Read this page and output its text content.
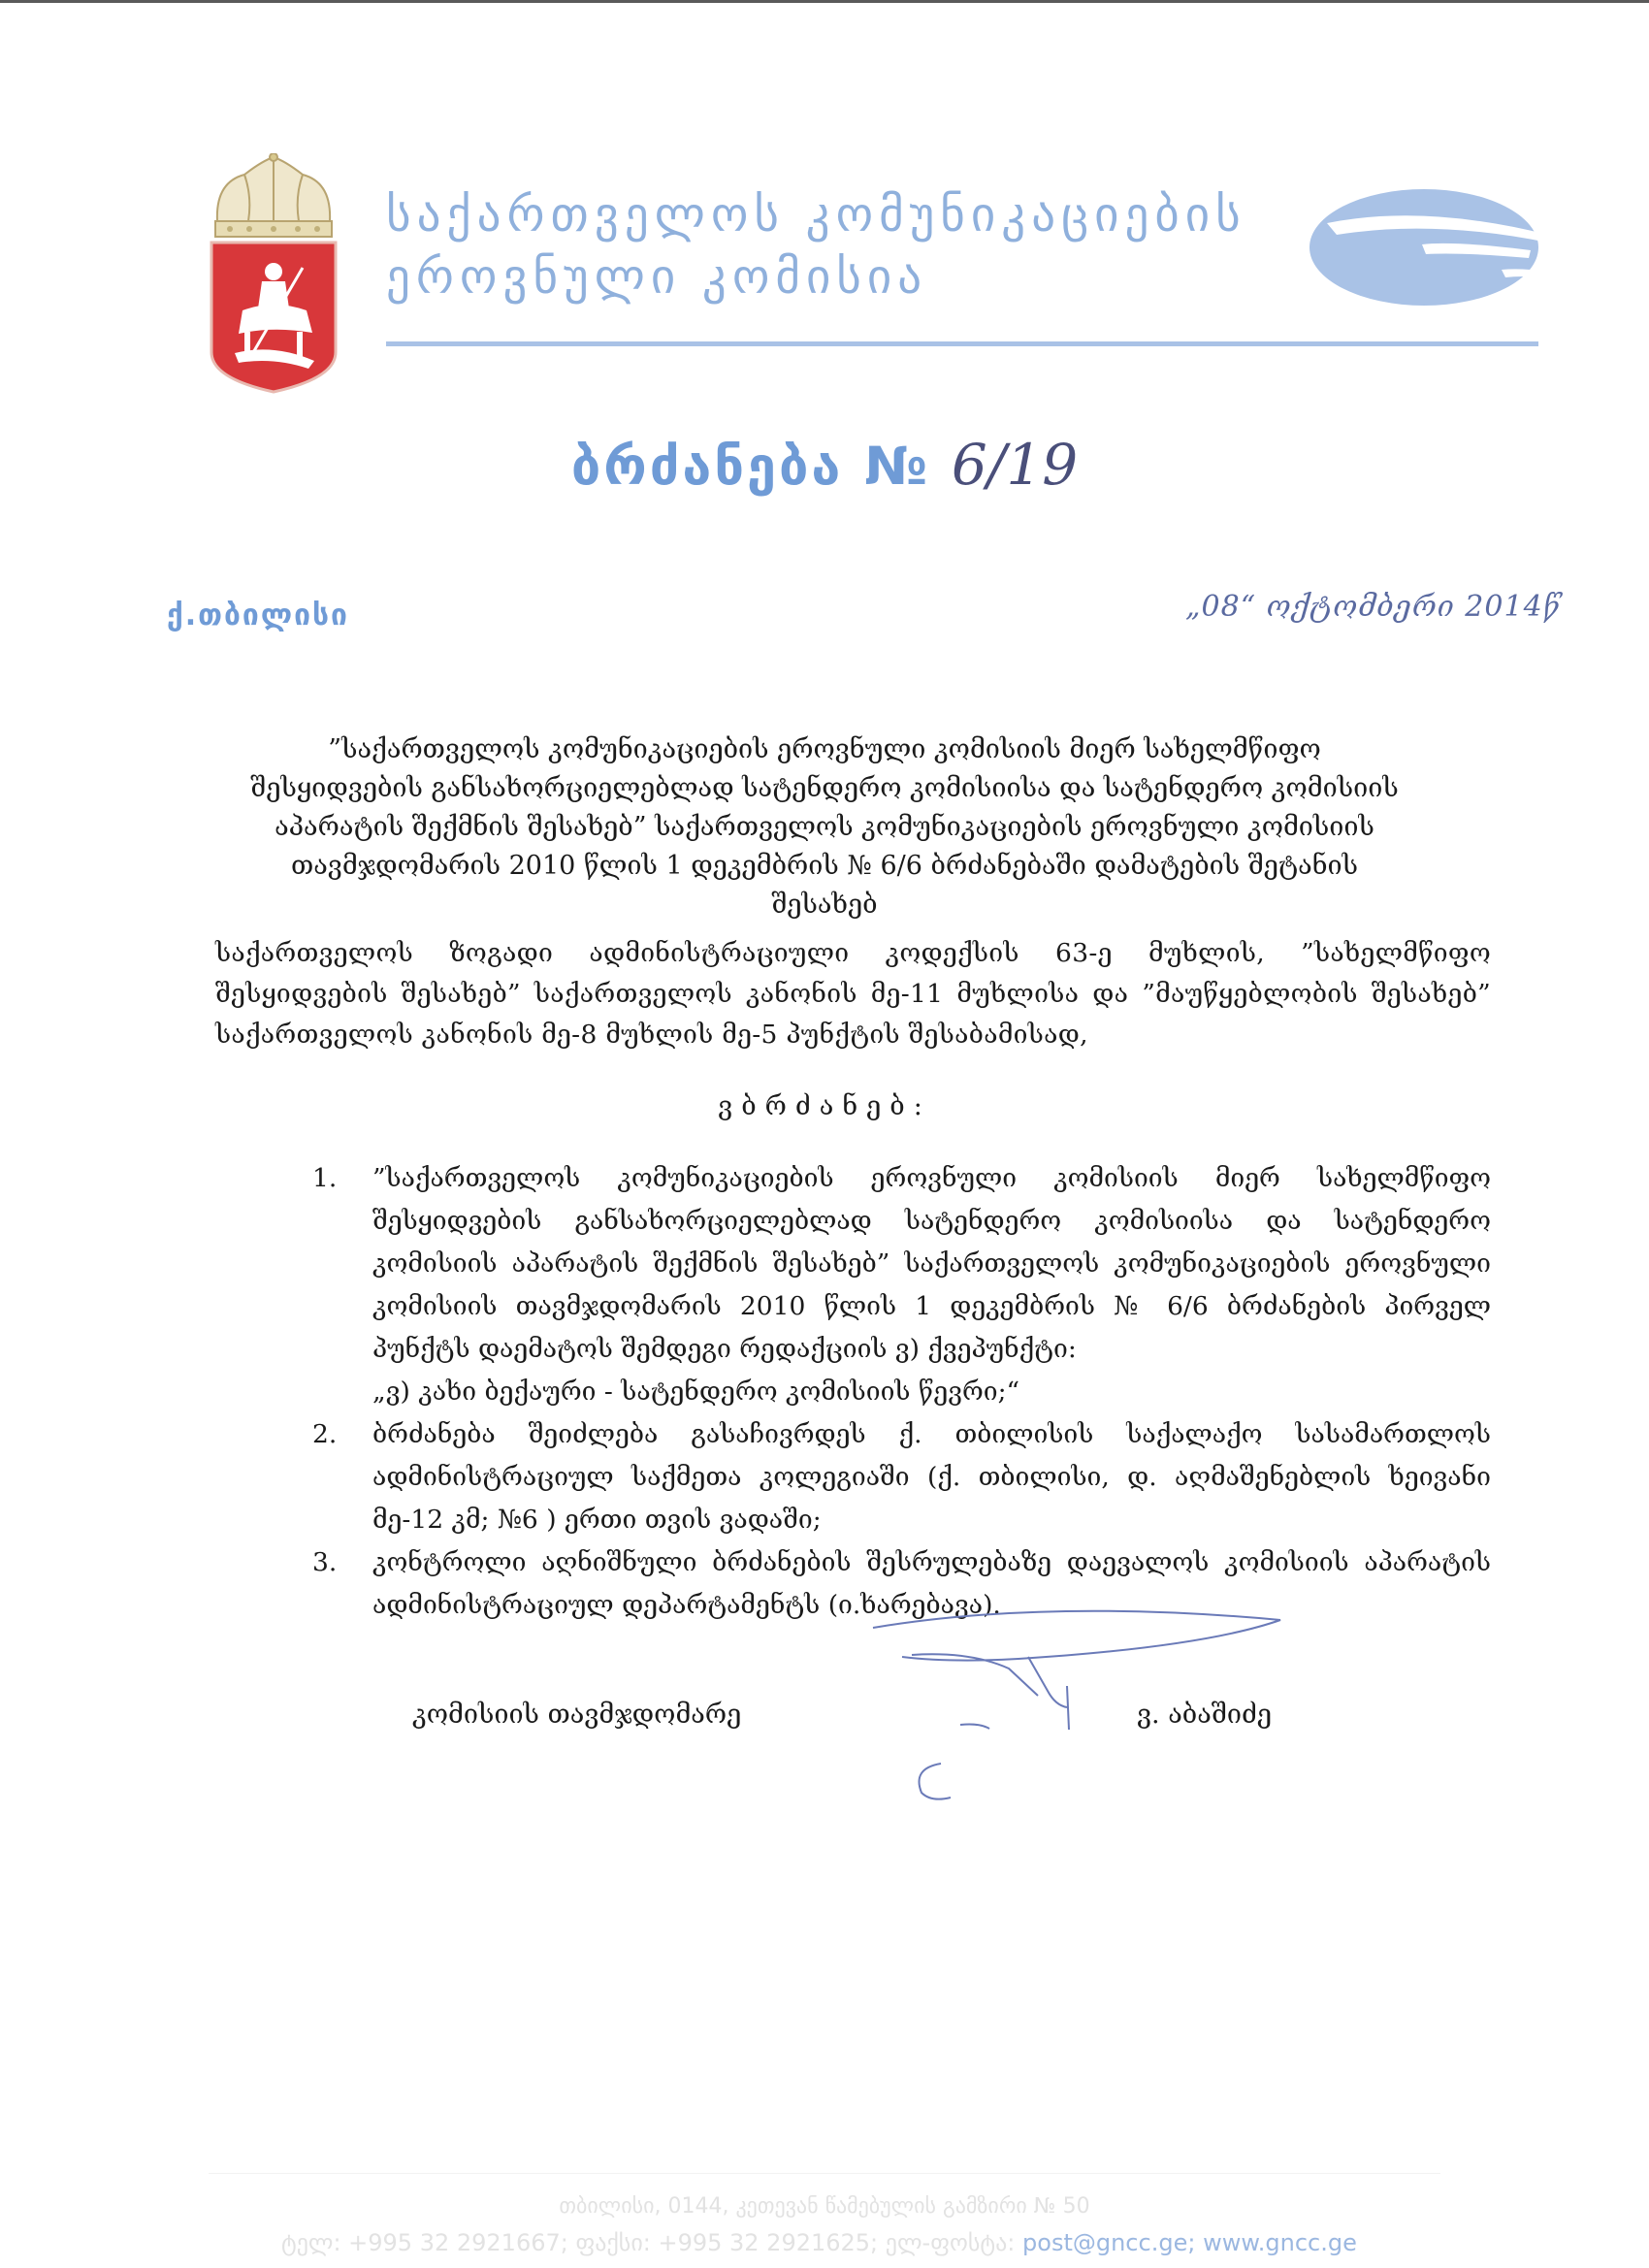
საქართველოს კომუნიკაციების
ეროვნული კომისია
ბრძანება № 6/19
ქ.თბილისი	„08“ ოქტომბერი 2014წ
”საქართველოს კომუნიკაციების ეროვნული კომისიის მიერ სახელმწიფო შესყიდვების განსახორციელებლად სატენდერო კომისიისა და სატენდერო კომისიის აპარატის შექმნის შესახებ” საქართველოს კომუნიკაციების ეროვნული კომისიის თავმჯდომარის 2010 წლის 1 დეკემბრის № 6/6 ბრძანებაში დამატების შეტანის შესახებ
საქართველოს ზოგადი ადმინისტრაციული კოდექსის 63-ე მუხლის, ”სახელმწიფო შესყიდვების შესახებ” საქართველოს კანონის მე-11 მუხლისა და ”მაუწყებლობის შესახებ” საქართველოს კანონის მე-8 მუხლის მე-5 პუნქტის შესაბამისად,
ვბრძანებ:
1.	”საქართველოს კომუნიკაციების ეროვნული კომისიის მიერ სახელმწიფო შესყიდვების განსახორციელებლად სატენდერო კომისიისა და სატენდერო კომისიის აპარატის შექმნის შესახებ” საქართველოს კომუნიკაციების ეროვნული კომისიის თავმჯდომარის 2010 წლის 1 დეკემბრის № 6/6 ბრძანების პირველ პუნქტს დაემატოს შემდეგი რედაქციის ვ) ქვეპუნქტი:
„ვ) კახი ბექაური - სატენდერო კომისიის წევრი;“
2.	ბრძანება შეიძლება გასაჩივრდეს ქ. თბილისის საქალაქო სასამართლოს ადმინისტრაციულ საქმეთა კოლეგიაში (ქ. თბილისი, დ. აღმაშენებლის ხეივანი მე-12 კმ; №6 ) ერთი თვის ვადაში;
3.	კონტროლი აღნიშნული ბრძანების შესრულებაზე დაევალოს კომისიის აპარატის ადმინისტრაციულ დეპარტამენტს (ი.ხარებავა).
კომისიის თავმჯდომარე	ვ. აბაშიძე
თბილისი, 0144, კეთევან წამებულის გამზირი № 50
ტელ: +995 32 2921667; ფაქსი: +995 32 2921625; ელ-ფოსტა: post@gncc.ge; www.gncc.ge
